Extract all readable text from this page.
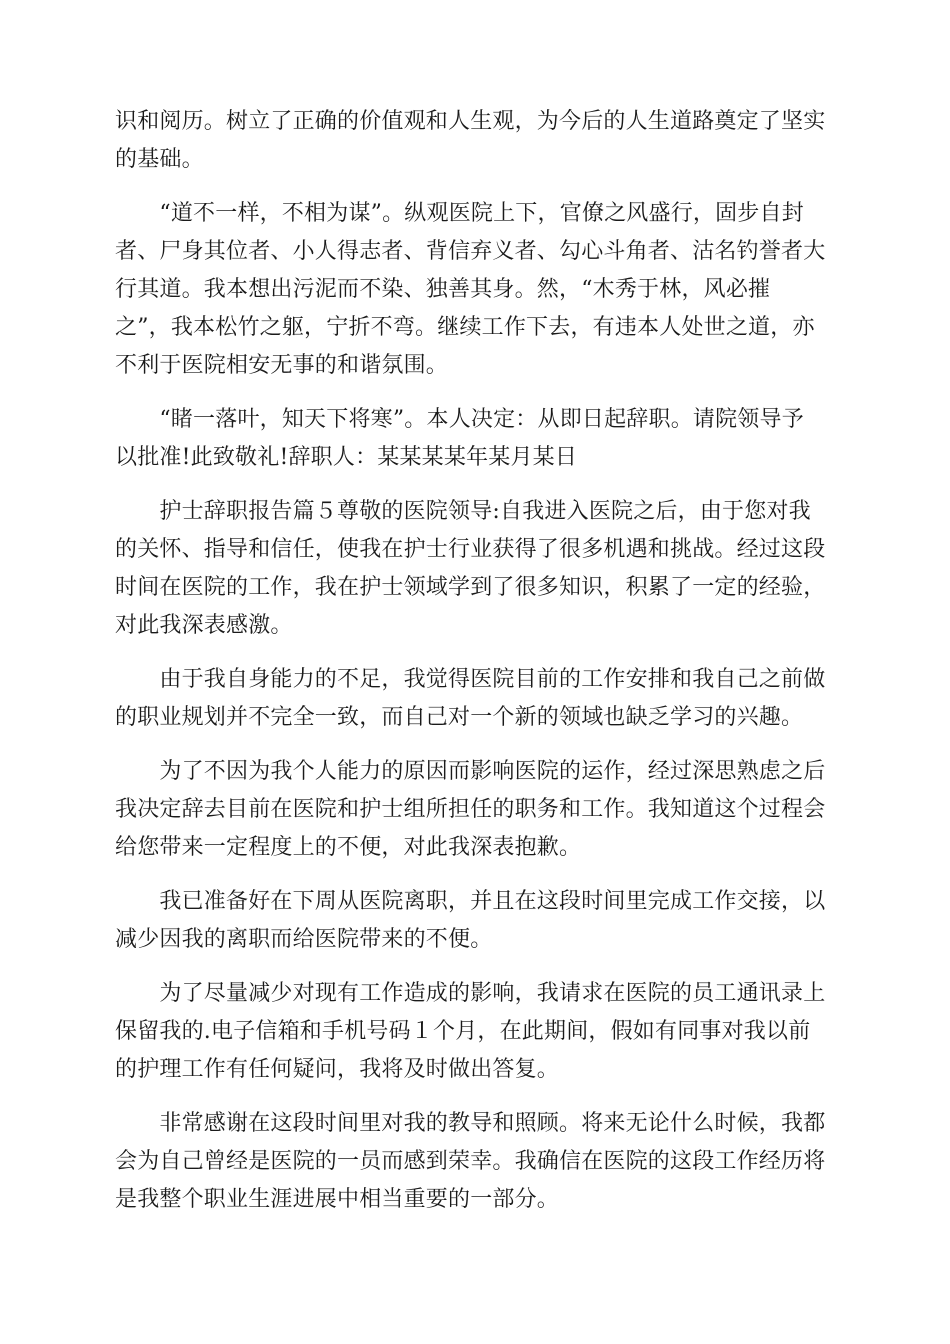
识和阅历。树立了正确的价值观和人生观，为今后的人生道路奠定了坚实
的基础。

　　“道不一样，不相为谋”。纵观医院上下，官僚之风盛行，固步自封
者、尸身其位者、小人得志者、背信弃义者、勾心斗角者、沽名钓誉者大
行其道。我本想出污泥而不染、独善其身。然，“木秀于林，风必摧
之”，我本松竹之躯，宁折不弯。继续工作下去，有违本人处世之道，亦
不利于医院相安无事的和谐氛围。

　　“睹一落叶，知天下将寒”。本人决定：从即日起辞职。请院领导予
以批准!此致敬礼!辞职人：某某某某年某月某日

　　护士辞职报告篇５尊敬的医院领导:自我进入医院之后，由于您对我
的关怀、指导和信任，使我在护士行业获得了很多机遇和挑战。经过这段
时间在医院的工作，我在护士领域学到了很多知识，积累了一定的经验，
对此我深表感激。

　　由于我自身能力的不足，我觉得医院目前的工作安排和我自己之前做
的职业规划并不完全一致，而自己对一个新的领域也缺乏学习的兴趣。

　　为了不因为我个人能力的原因而影响医院的运作，经过深思熟虑之后
我决定辞去目前在医院和护士组所担任的职务和工作。我知道这个过程会
给您带来一定程度上的不便，对此我深表抱歉。

　　我已准备好在下周从医院离职，并且在这段时间里完成工作交接，以
减少因我的离职而给医院带来的不便。

　　为了尽量减少对现有工作造成的影响，我请求在医院的员工通讯录上
保留我的.电子信箱和手机号码１个月，在此期间，假如有同事对我以前
的护理工作有任何疑问，我将及时做出答复。

　　非常感谢在这段时间里对我的教导和照顾。将来无论什么时候，我都
会为自己曾经是医院的一员而感到荣幸。我确信在医院的这段工作经历将
是我整个职业生涯进展中相当重要的一部分。
